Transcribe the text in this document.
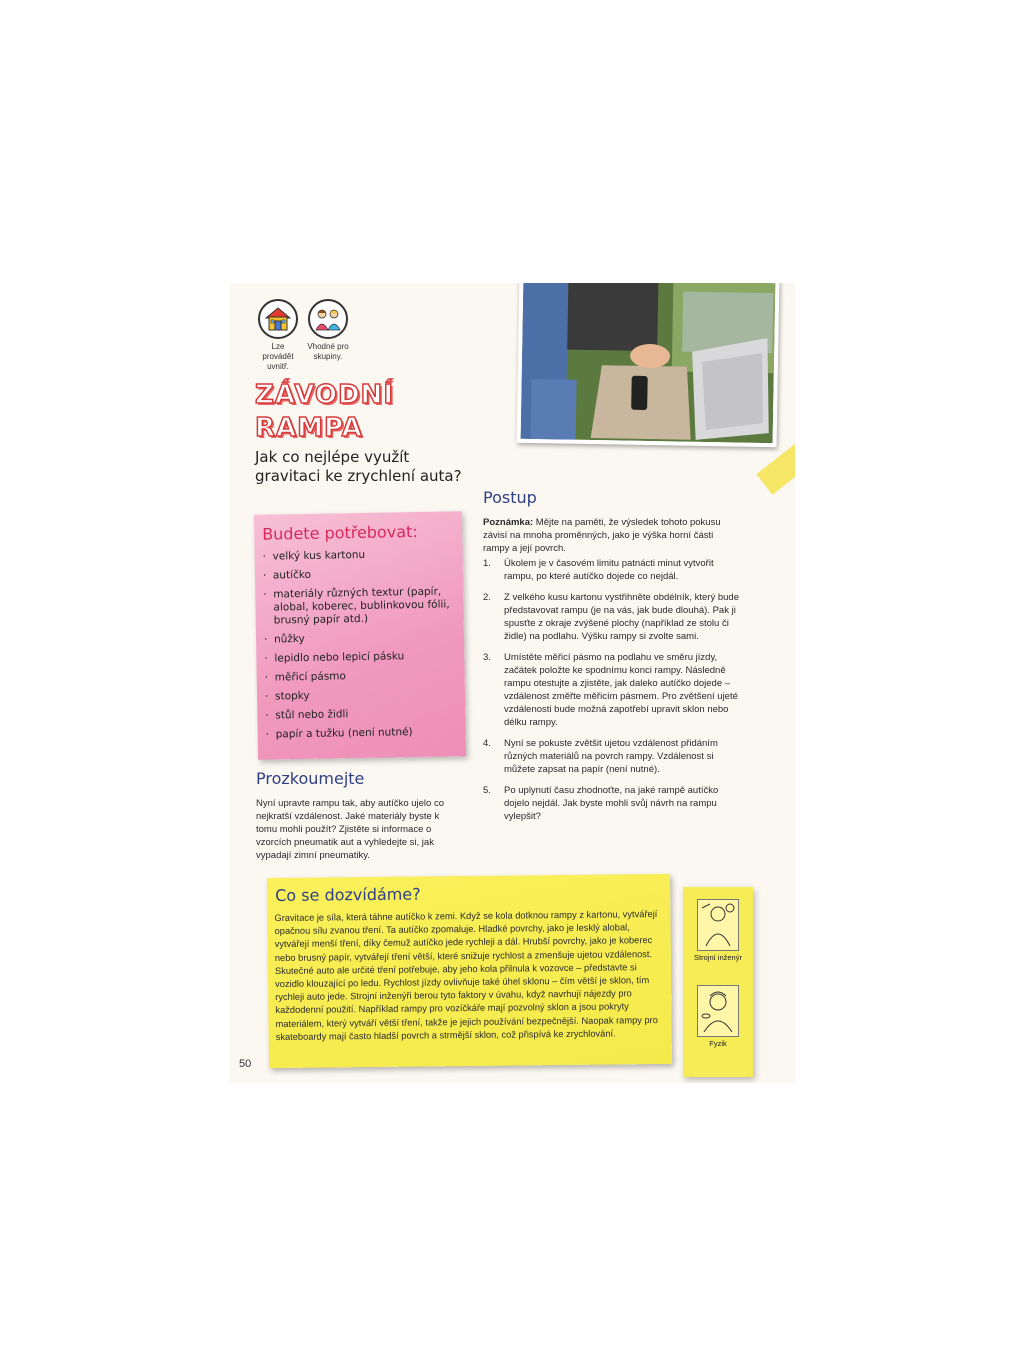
Lze provádět uvnitř.
Vhodné pro skupiny.
ZÁVODNÍ
RAMPA
Jak co nejlépe využít gravitaci ke zrychlení auta?
Budete potřebovat:
· velký kus kartonu
· autíčko
· materiály různých textur (papír, alobal, koberec, bublinkovou fólii, brusný papír atd.)
· nůžky
· lepidlo nebo lepicí pásku
· měřicí pásmo
· stopky
· stůl nebo židli
· papír a tužku (není nutné)
Prozkoumejte
Nyní upravte rampu tak, aby autíčko ujelo co nejkratší vzdálenost. Jaké materiály byste k tomu mohli použít? Zjistěte si informace o vzorcích pneumatik aut a vyhledejte si, jak vypadají zimní pneumatiky.
Postup
Poznámka: Mějte na paměti, že výsledek tohoto pokusu závisí na mnoha proměnných, jako je výška horní části rampy a její povrch.
1. Úkolem je v časovém limitu patnácti minut vytvořit rampu, po které autíčko dojede co nejdál.
2. Z velkého kusu kartonu vystřihněte obdélník, který bude představovat rampu (je na vás, jak bude dlouhá). Pak ji spusťte z okraje zvýšené plochy (například ze stolu či židle) na podlahu. Výšku rampy si zvolte sami.
3. Umístěte měřicí pásmo na podlahu ve směru jízdy, začátek položte ke spodnímu konci rampy. Následně rampu otestujte a zjistěte, jak daleko autíčko dojede – vzdálenost změřte měřicím pásmem. Pro zvětšení ujeté vzdálenosti bude možná zapotřebí upravit sklon nebo délku rampy.
4. Nyní se pokuste zvětšit ujetou vzdálenost přidáním různých materiálů na povrch rampy. Vzdálenost si můžete zapsat na papír (není nutné).
5. Po uplynutí času zhodnoťte, na jaké rampě autíčko dojelo nejdál. Jak byste mohli svůj návrh na rampu vylepšit?
Co se dozvídáme?

Gravitace je síla, která táhne autíčko k zemi. Když se kola dotknou rampy z kartonu, vytvářejí opačnou sílu zvanou tření. Ta autíčko zpomaluje. Hladké povrchy, jako je lesklý alobal, vytvářejí menší tření, díky čemuž autíčko jede rychleji a dál. Hrubší povrchy, jako je koberec nebo brusný papír, vytvářejí tření větší, které snižuje rychlost a zmenšuje ujetou vzdálenost. Skutečné auto ale určité tření potřebuje, aby jeho kola přilnula k vozovce – představte si vozidlo klouzající po ledu. Rychlost jízdy ovlivňuje také úhel sklonu – čím větší je sklon, tím rychleji auto jede. Strojní inženýři berou tyto faktory v úvahu, když navrhují nájezdy pro každodenní použití. Například rampy pro vozíčkáře mají pozvolný sklon a jsou pokryty materiálem, který vytváří větší tření, takže je jejich používání bezpečnější. Naopak rampy pro skateboardy mají často hladší povrch a strmější sklon, což přispívá ke zrychlování.

Strojní inženýr
Fyzik
50
